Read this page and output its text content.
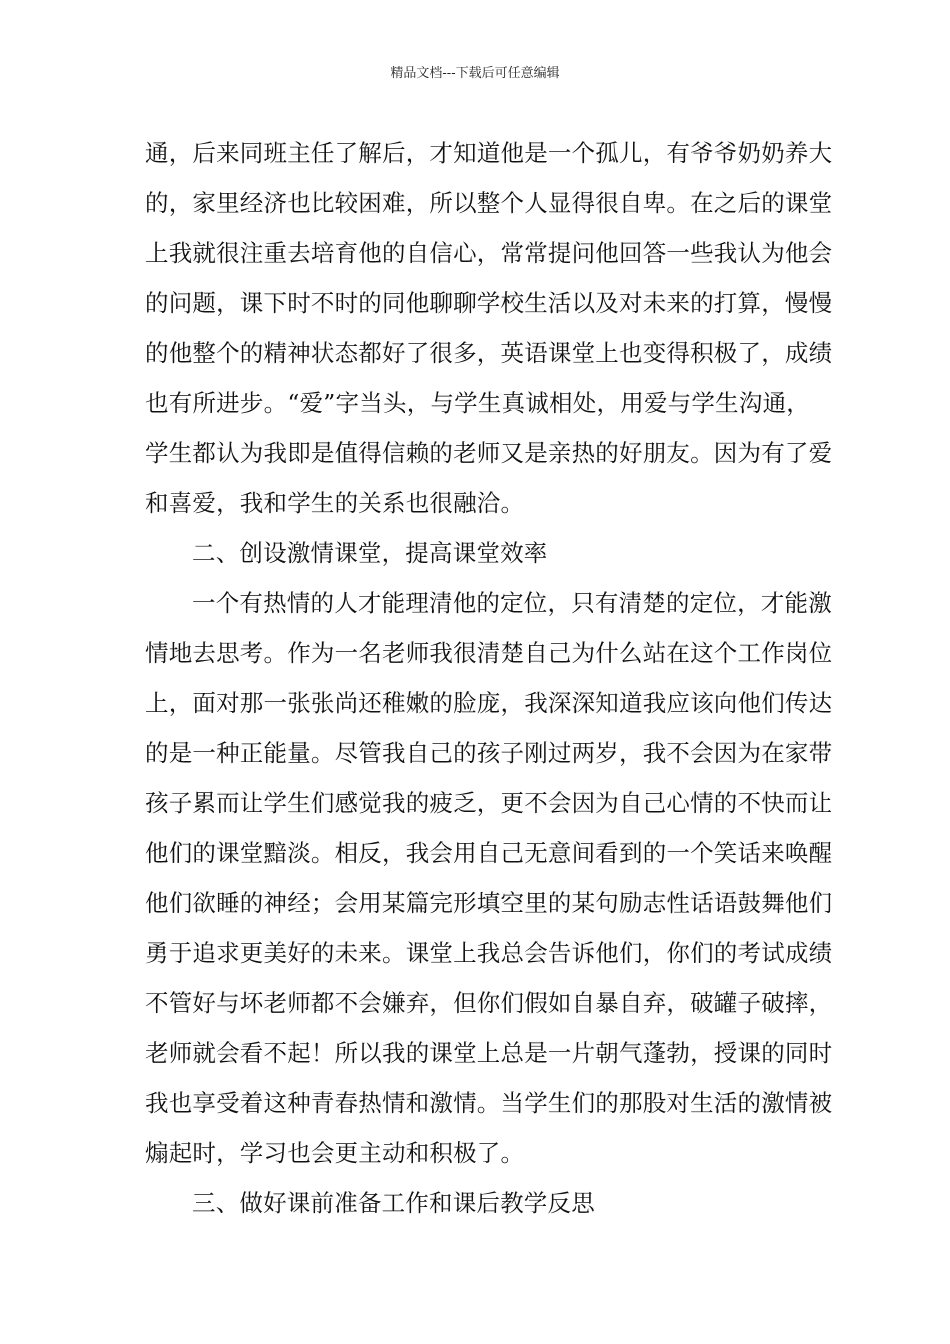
精品文档---下载后可任意编辑
通，后来同班主任了解后，才知道他是一个孤儿，有爷爷奶奶养大
的，家里经济也比较困难，所以整个人显得很自卑。在之后的课堂
上我就很注重去培育他的自信心，常常提问他回答一些我认为他会
的问题，课下时不时的同他聊聊学校生活以及对未来的打算，慢慢
的他整个的精神状态都好了很多，英语课堂上也变得积极了，成绩
也有所进步。“爱”字当头，与学生真诚相处，用爱与学生沟通，
学生都认为我即是值得信赖的老师又是亲热的好朋友。因为有了爱
和喜爱，我和学生的关系也很融洽。
二、创设激情课堂，提高课堂效率
一个有热情的人才能理清他的定位，只有清楚的定位，才能激
情地去思考。作为一名老师我很清楚自己为什么站在这个工作岗位
上，面对那一张张尚还稚嫩的脸庞，我深深知道我应该向他们传达
的是一种正能量。尽管我自己的孩子刚过两岁，我不会因为在家带
孩子累而让学生们感觉我的疲乏，更不会因为自己心情的不快而让
他们的课堂黯淡。相反，我会用自己无意间看到的一个笑话来唤醒
他们欲睡的神经；会用某篇完形填空里的某句励志性话语鼓舞他们
勇于追求更美好的未来。课堂上我总会告诉他们，你们的考试成绩
不管好与坏老师都不会嫌弃，但你们假如自暴自弃，破罐子破摔，
老师就会看不起！所以我的课堂上总是一片朝气蓬勃，授课的同时
我也享受着这种青春热情和激情。当学生们的那股对生活的激情被
煽起时，学习也会更主动和积极了。
三、做好课前准备工作和课后教学反思
